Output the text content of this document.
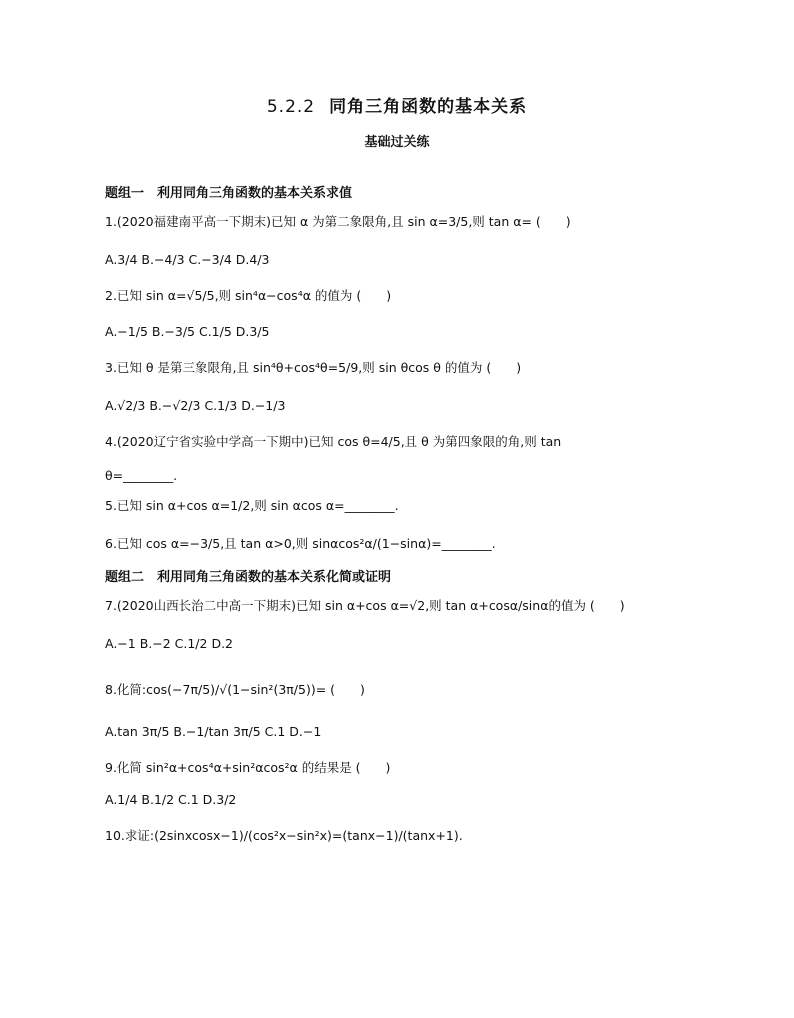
5.2.2 同角三角函数的基本关系
基础过关练
题组一　利用同角三角函数的基本关系求值
1.(2020福建南平高一下期末)已知 α 为第二象限角,且 sin α=3/5,则 tan α= (　　)
A.3/4 B.−4/3 C.−3/4 D.4/3
2.已知 sin α=√5/5,则 sin⁴α−cos⁴α 的值为 (　　)
A.−1/5 B.−3/5 C.1/5 D.3/5
3.已知 θ 是第三象限角,且 sin⁴θ+cos⁴θ=5/9,则 sin θcos θ 的值为 (　　)
A.√2/3 B.−√2/3 C.1/3 D.−1/3
4.(2020辽宁省实验中学高一下期中)已知 cos θ=4/5,且 θ 为第四象限的角,则 tan
θ=________.
5.已知 sin α+cos α=1/2,则 sin αcos α=________.
6.已知 cos α=−3/5,且 tan α>0,则 sinαcos²α/(1−sinα)=________.
题组二　利用同角三角函数的基本关系化简或证明
7.(2020山西长治二中高一下期末)已知 sin α+cos α=√2,则 tan α+cosα/sinα的值为 (　　)
A.−1 B.−2 C.1/2 D.2
8.化简:cos(−7π/5)/√(1−sin²(3π/5))= (　　)
A.tan 3π/5 B.−1/tan 3π/5 C.1 D.−1
9.化简 sin²α+cos⁴α+sin²αcos²α 的结果是 (　　)
A.1/4 B.1/2 C.1 D.3/2
10.求证:(2sinxcosx−1)/(cos²x−sin²x)=(tanx−1)/(tanx+1).
